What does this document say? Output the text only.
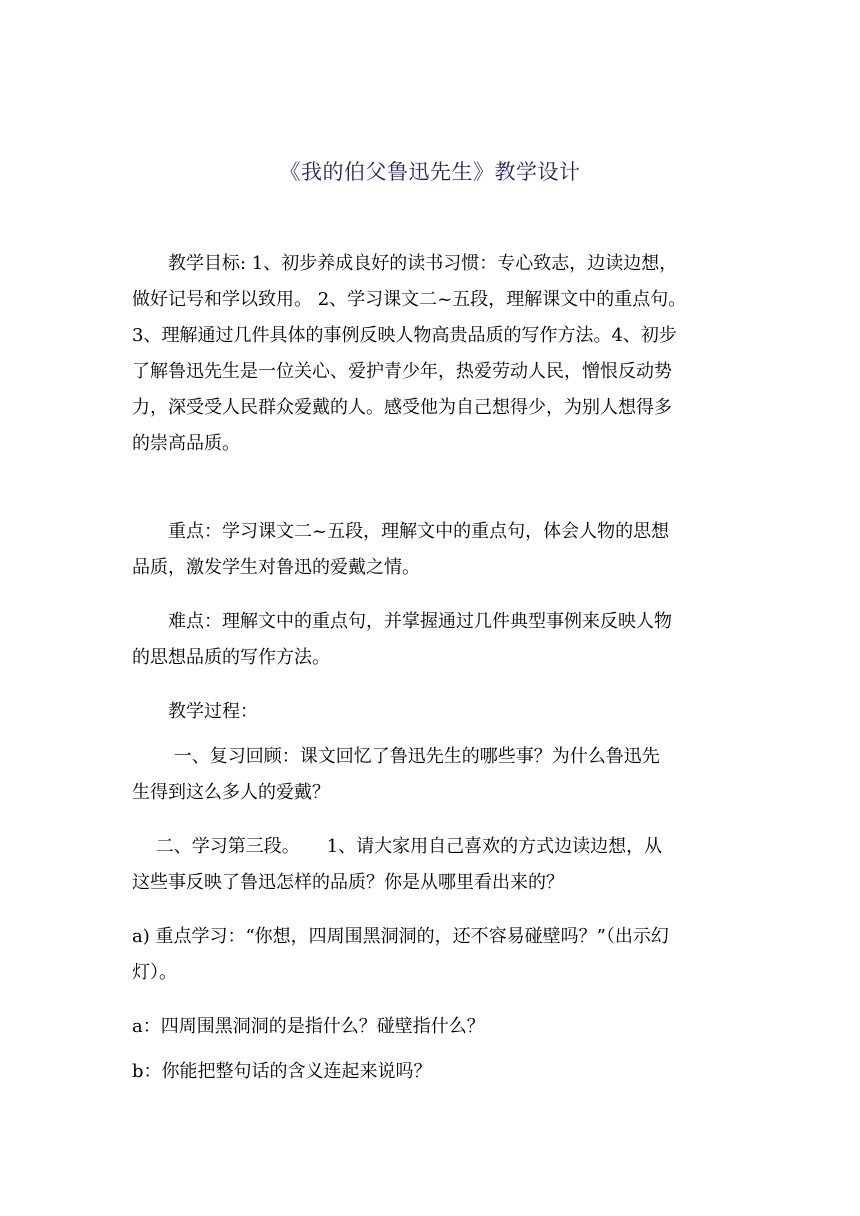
《我的伯父鲁迅先生》教学设计
　　教学目标: 1、初步养成良好的读书习惯：专心致志，边读边想，
做好记号和学以致用。 2、学习课文二~五段，理解课文中的重点句。
3、理解通过几件具体的事例反映人物高贵品质的写作方法。4、初步
了解鲁迅先生是一位关心、爱护青少年，热爱劳动人民，憎恨反动势
力，深受受人民群众爱戴的人。感受他为自己想得少，为别人想得多
的崇高品质。
　　重点：学习课文二~五段，理解文中的重点句，体会人物的思想
品质，激发学生对鲁迅的爱戴之情。
　　难点：理解文中的重点句，并掌握通过几件典型事例来反映人物
的思想品质的写作方法。
　　教学过程：
　　 一、复习回顾：课文回忆了鲁迅先生的哪些事？为什么鲁迅先
生得到这么多人的爱戴？
　 二、学习第三段。　　1、请大家用自己喜欢的方式边读边想，从
这些事反映了鲁迅怎样的品质？你是从哪里看出来的？
a) 重点学习：“你想，四周围黑洞洞的，还不容易碰壁吗？”（出示幻
灯）。
a：四周围黑洞洞的是指什么？碰壁指什么？
b：你能把整句话的含义连起来说吗？
